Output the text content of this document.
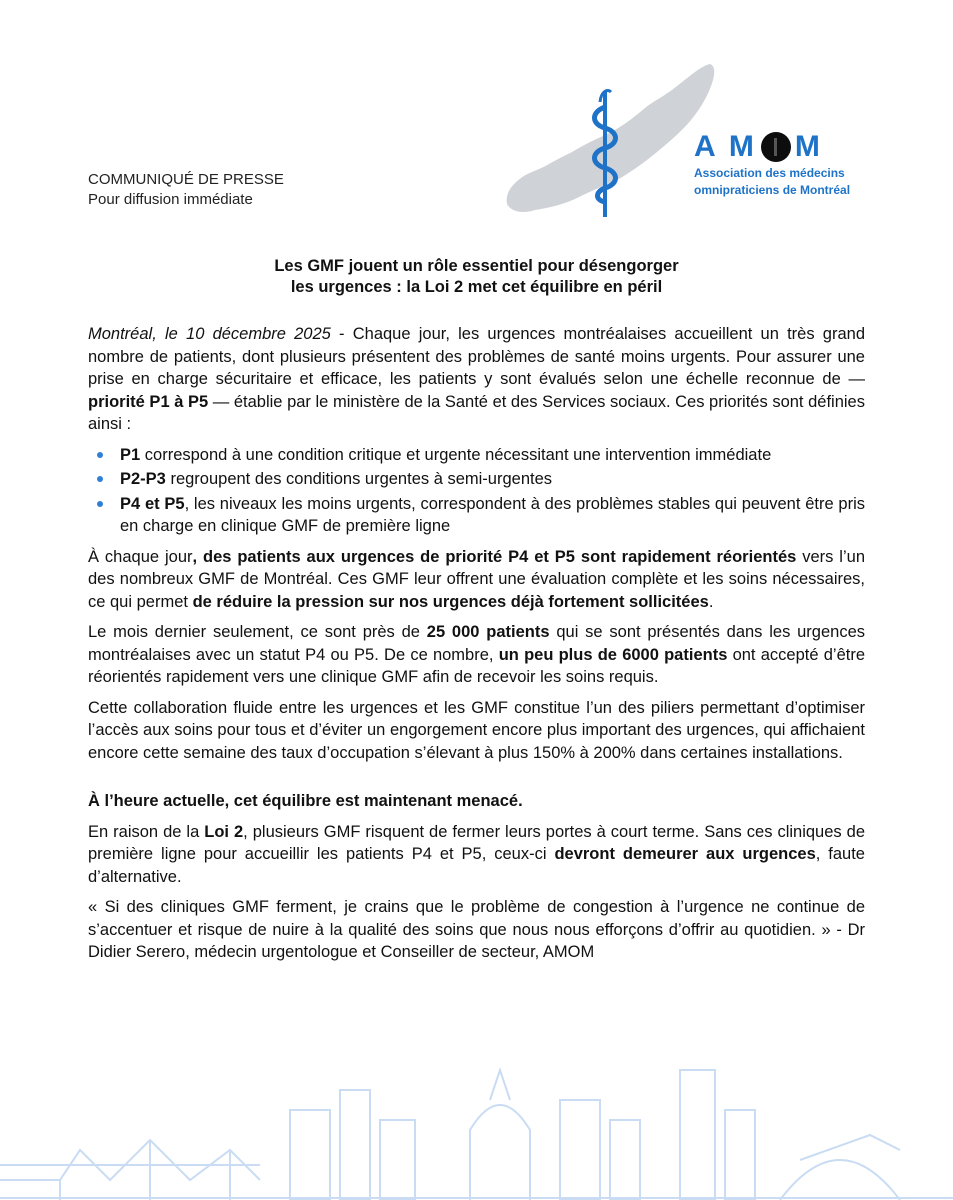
COMMUNIQUÉ DE PRESSE
Pour diffusion immédiate
A M M
Association des médecins
omnipraticiens de Montréal
Les GMF jouent un rôle essentiel pour désengorger
les urgences : la Loi 2 met cet équilibre en péril

Montréal, le 10 décembre 2025 - Chaque jour, les urgences montréalaises accueillent un très grand nombre de patients, dont plusieurs présentent des problèmes de santé moins urgents. Pour assurer une prise en charge sécuritaire et efficace, les patients y sont évalués selon une échelle reconnue de — priorité P1 à P5 — établie par le ministère de la Santé et des Services sociaux. Ces priorités sont définies ainsi :

P1 correspond à une condition critique et urgente nécessitant une intervention immédiate
P2-P3 regroupent des conditions urgentes à semi-urgentes
P4 et P5, les niveaux les moins urgents, correspondent à des problèmes stables qui peuvent être pris en charge en clinique GMF de première ligne

À chaque jour, des patients aux urgences de priorité P4 et P5 sont rapidement réorientés vers l’un des nombreux GMF de Montréal. Ces GMF leur offrent une évaluation complète et les soins nécessaires, ce qui permet de réduire la pression sur nos urgences déjà fortement sollicitées.

Le mois dernier seulement, ce sont près de 25 000 patients qui se sont présentés dans les urgences montréalaises avec un statut P4 ou P5. De ce nombre, un peu plus de 6000 patients ont accepté d’être réorientés rapidement vers une clinique GMF afin de recevoir les soins requis.

Cette collaboration fluide entre les urgences et les GMF constitue l’un des piliers permettant d’optimiser l’accès aux soins pour tous et d’éviter un engorgement encore plus important des urgences, qui affichaient encore cette semaine des taux d’occupation s’élevant à plus 150% à 200% dans certaines installations.

À l’heure actuelle, cet équilibre est maintenant menacé.

En raison de la Loi 2, plusieurs GMF risquent de fermer leurs portes à court terme. Sans ces cliniques de première ligne pour accueillir les patients P4 et P5, ceux-ci devront demeurer aux urgences, faute d’alternative.

« Si des cliniques GMF ferment, je crains que le problème de congestion à l’urgence ne continue de s’accentuer et risque de nuire à la qualité des soins que nous nous efforçons d’offrir au quotidien. » - Dr Didier Serero, médecin urgentologue et Conseiller de secteur, AMOM
